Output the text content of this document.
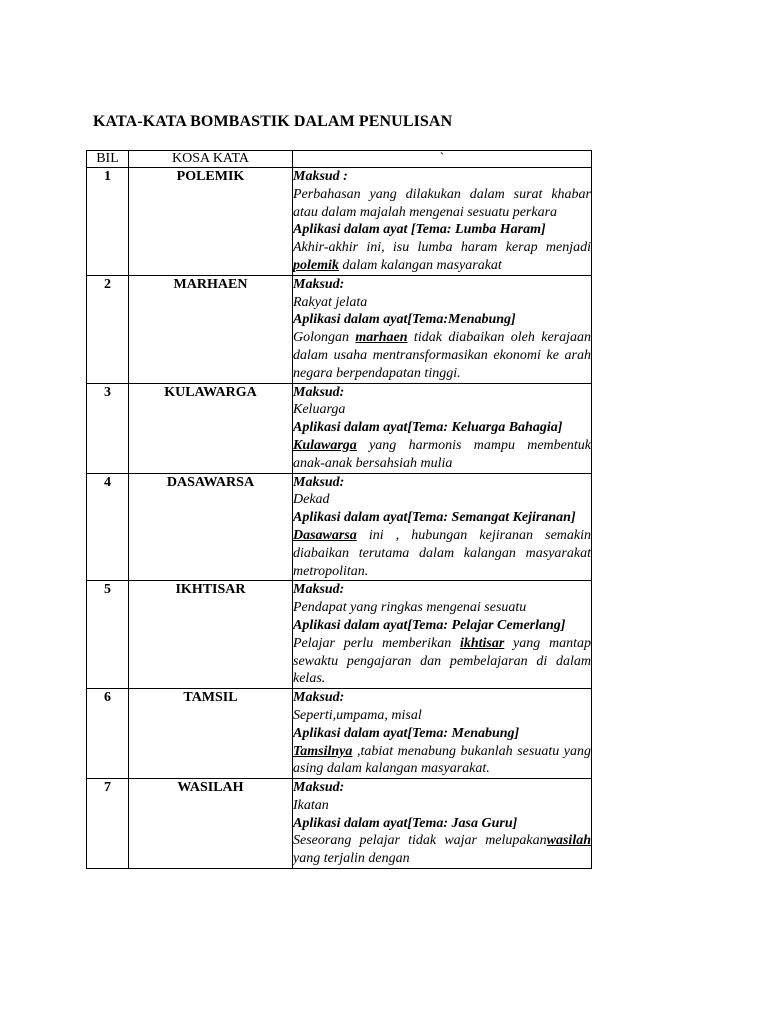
KATA-KATA BOMBASTIK DALAM PENULISAN
BIL	KOSA KATA	`
1	POLEMIK	Maksud :
Perbahasan yang dilakukan dalam surat khabar atau dalam majalah mengenai sesuatu perkara
Aplikasi dalam ayat [Tema: Lumba Haram]
Akhir-akhir ini, isu lumba haram kerap menjadi polemik dalam kalangan masyarakat

2	MARHAEN	Maksud:
Rakyat jelata
Aplikasi dalam ayat[Tema:Menabung]
Golongan marhaen tidak diabaikan oleh kerajaan dalam usaha mentransformasikan ekonomi ke arah negara berpendapatan tinggi.

3	KULAWARGA	Maksud:
Keluarga
Aplikasi dalam ayat[Tema: Keluarga Bahagia]
Kulawarga yang harmonis mampu membentuk anak-anak bersahsiah mulia

4	DASAWARSA	Maksud:
Dekad
Aplikasi dalam ayat[Tema: Semangat Kejiranan]
Dasawarsa ini , hubungan kejiranan semakin diabaikan terutama dalam kalangan masyarakat metropolitan.

5	IKHTISAR	Maksud:
Pendapat yang ringkas mengenai sesuatu
Aplikasi dalam ayat[Tema: Pelajar Cemerlang]
Pelajar perlu memberikan ikhtisar yang mantap sewaktu pengajaran dan pembelajaran di dalam kelas.

6	TAMSIL	Maksud:
Seperti,umpama, misal
Aplikasi dalam ayat[Tema: Menabung]
Tamsilnya ,tabiat menabung bukanlah sesuatu yang asing dalam kalangan masyarakat.

7	WASILAH	Maksud:
Ikatan
Aplikasi dalam ayat[Tema: Jasa Guru]
Seseorang pelajar tidak wajar melupakanwasilah yang terjalin dengan
